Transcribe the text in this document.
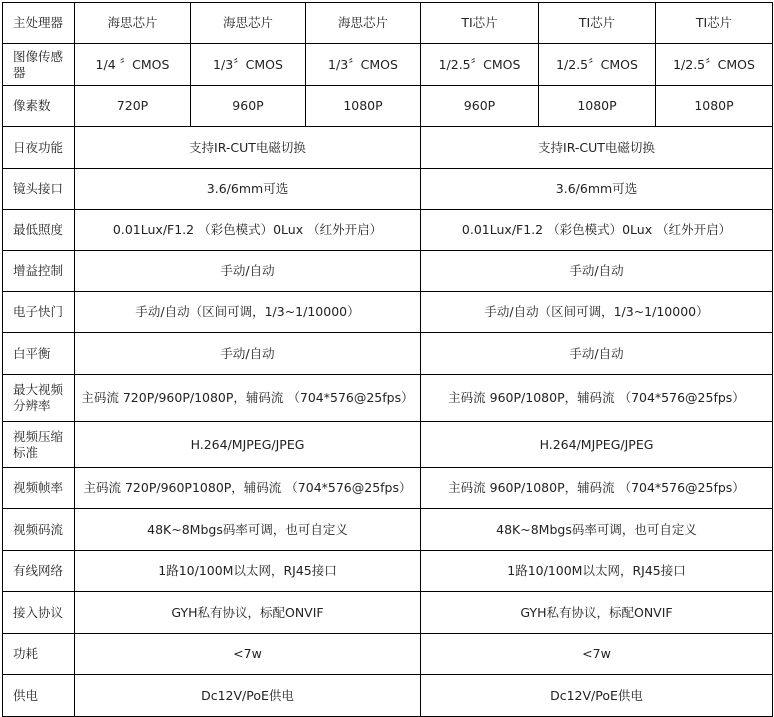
主处理器	海思芯片	海思芯片	海思芯片	TI芯片	TI芯片	TI芯片
图像传感器	1/4 〞CMOS	1/3〞CMOS	1/3〞CMOS	1/2.5〞CMOS	1/2.5〞CMOS	1/2.5〞CMOS
像素数	720P	960P	1080P	960P	1080P	1080P
日夜功能	支持IR-CUT电磁切换			支持IR-CUT电磁切换		
镜头接口	3.6/6mm可选			3.6/6mm可选		
最低照度	0.01Lux/F1.2 （彩色模式）0Lux （红外开启）			0.01Lux/F1.2 （彩色模式）0Lux （红外开启）		
增益控制	手动/自动			手动/自动		
电子快门	手动/自动（区间可调，1/3~1/10000）			手动/自动（区间可调，1/3~1/10000）		
白平衡	手动/自动			手动/自动		
最大视频分辨率	主码流 720P/960P/1080P，辅码流 （704*576@25fps）			主码流 960P/1080P，辅码流 （704*576@25fps）		
视频压缩标准	H.264/MJPEG/JPEG			H.264/MJPEG/JPEG		
视频帧率	主码流 720P/960P1080P，辅码流 （704*576@25fps）			主码流 960P/1080P，辅码流 （704*576@25fps）		
视频码流	48K~8Mbgs码率可调，也可自定义			48K~8Mbgs码率可调，也可自定义		
有线网络	1路10/100M以太网，RJ45接口			1路10/100M以太网，RJ45接口		
接入协议	GYH私有协议，标配ONVIF			GYH私有协议，标配ONVIF		
功耗	<7w			<7w		
供电	Dc12V/PoE供电			Dc12V/PoE供电		
